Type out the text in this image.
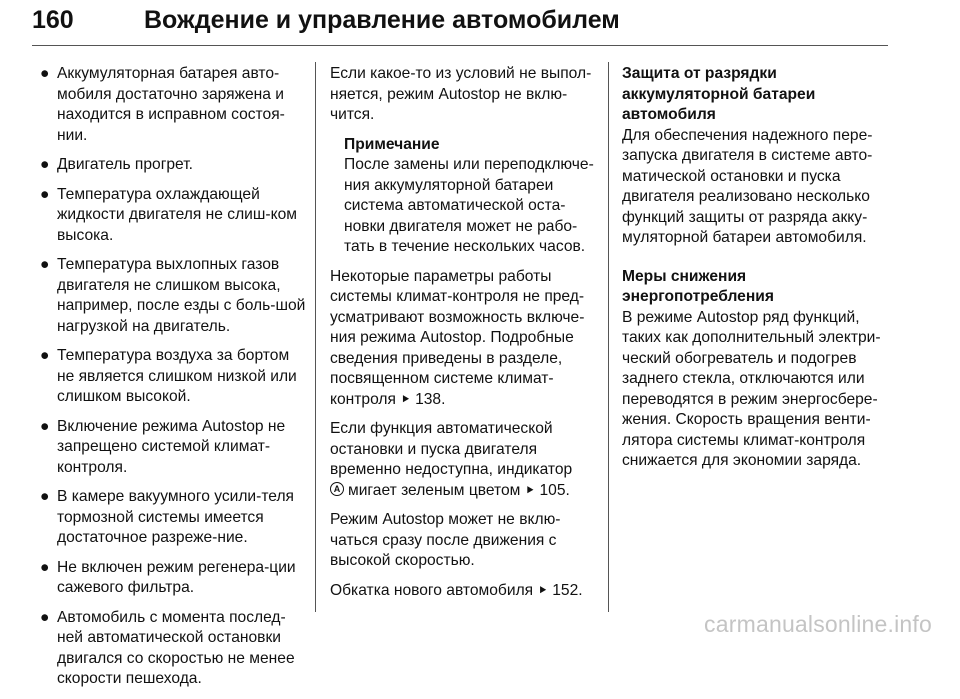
160	Вождение и управление автомобилем
● Аккумуляторная батарея авто-мобиля достаточно заряжена и находится в исправном состоя-нии.
● Двигатель прогрет.
● Температура охлаждающей жидкости двигателя не слиш-ком высока.
● Температура выхлопных газов двигателя не слишком высока, например, после езды с боль-шой нагрузкой на двигатель.
● Температура воздуха за бортом не является слишком низкой или слишком высокой.
● Включение режима Autostop не запрещено системой климат-контроля.
● В камере вакуумного усили-теля тормозной системы имеется достаточное разреже-ние.
● Не включен режим регенера-ции сажевого фильтра.
● Автомобиль с момента послед-ней автоматической остановки двигался со скоростью не менее скорости пешехода.

Если какое-то из условий не выпол-няется, режим Autostop не вклю-чится.

Примечание
После замены или переподключе-ния аккумуляторной батареи система автоматической оста-новки двигателя может не рабо-тать в течение нескольких часов.

Некоторые параметры работы системы климат-контроля не пред-усматривают возможность включе-ния режима Autostop. Подробные сведения приведены в разделе, посвященном системе климат-контроля ⯈ 138.

Если функция автоматической остановки и пуска двигателя временно недоступна, индикатор
A мигает зеленым цветом ⯈ 105.

Режим Autostop может не вклю-чаться сразу после движения с высокой скоростью.

Обкатка нового автомобиля ⯈ 152.

Защита от разрядки аккумуляторной батареи автомобиля
Для обеспечения надежного пере-запуска двигателя в системе авто-матической остановки и пуска двигателя реализовано несколько функций защиты от разряда акку-муляторной батареи автомобиля.
Меры снижения энергопотребления
В режиме Autostop ряд функций, таких как дополнительный электри-ческий обогреватель и подогрев заднего стекла, отключаются или переводятся в режим энергосбере-жения. Скорость вращения венти-лятора системы климат-контроля снижается для экономии заряда.
carmanualsonline.info
